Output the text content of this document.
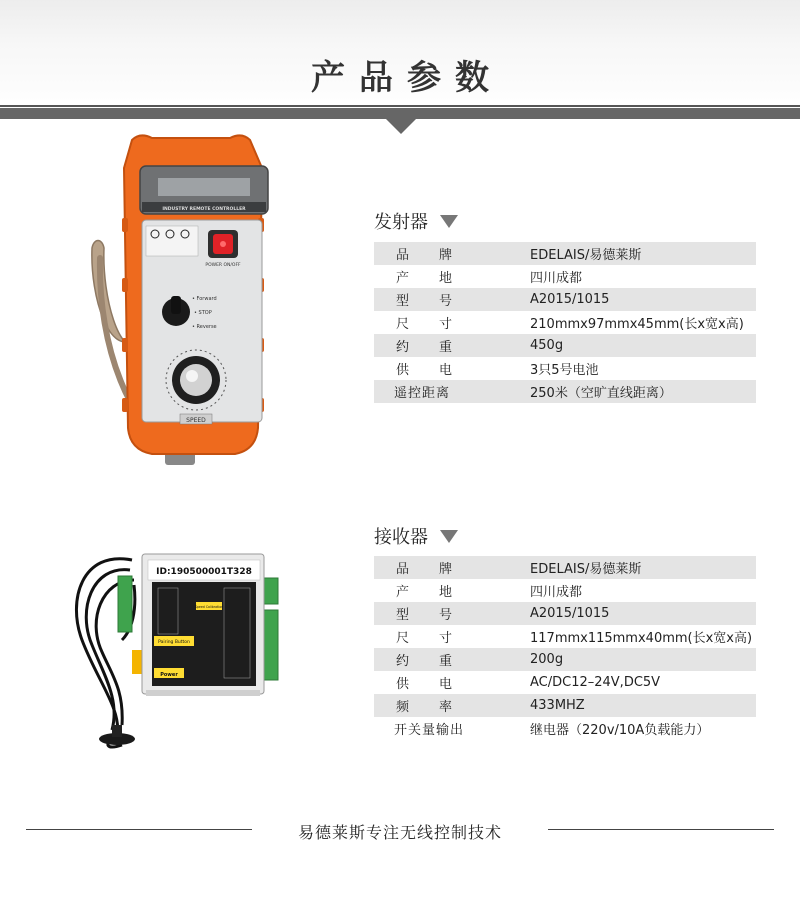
产品参数
INDUSTRY REMOTE CONTROLLER
POWER ON/OFF
• Forward
• STOP
• Reverse
SPEED
发射器
品 牌	EDELAIS/易德莱斯
产 地	四川成都
型 号	A2015/1015
尺 寸	210mmx97mmx45mm(长x宽x高)
约 重	450g
供 电	3只5号电池
遥控距离	250米（空旷直线距离）
ID:190500001T328
Speed Calibration
Pairing Button
Power
接收器
品 牌	EDELAIS/易德莱斯
产 地	四川成都
型 号	A2015/1015
尺 寸	117mmx115mmx40mm(长x宽x高)
约 重	200g
供 电	AC/DC12–24V,DC5V
频 率	433MHZ
开关量输出	继电器（220v/10A负载能力）
易德莱斯专注无线控制技术
